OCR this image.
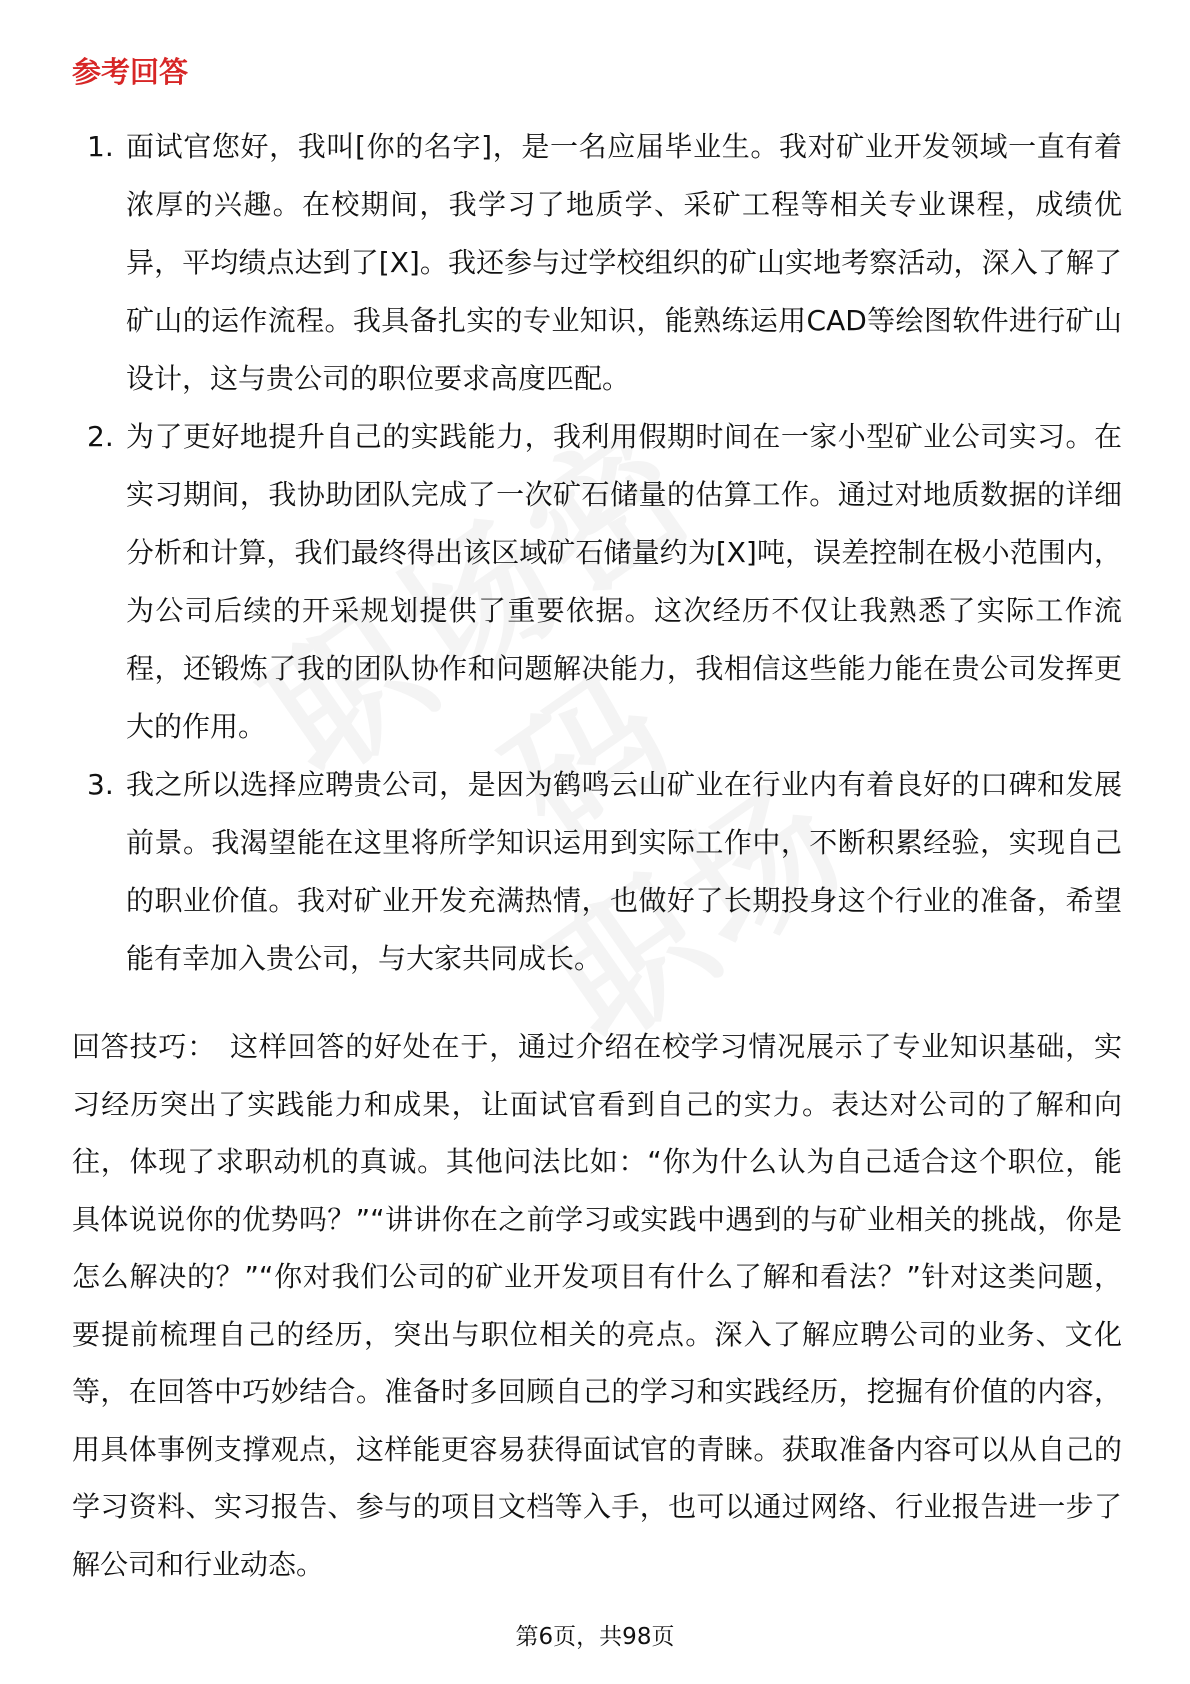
参考回答
1. 面试官您好，我叫[你的名字]，是一名应届毕业生。我对矿业开发领域一直有着浓厚的兴趣。在校期间，我学习了地质学、采矿工程等相关专业课程，成绩优异，平均绩点达到了[X]。我还参与过学校组织的矿山实地考察活动，深入了解了矿山的运作流程。我具备扎实的专业知识，能熟练运用CAD等绘图软件进行矿山设计，这与贵公司的职位要求高度匹配。
2. 为了更好地提升自己的实践能力，我利用假期时间在一家小型矿业公司实习。在实习期间，我协助团队完成了一次矿石储量的估算工作。通过对地质数据的详细分析和计算，我们最终得出该区域矿石储量约为[X]吨，误差控制在极小范围内，为公司后续的开采规划提供了重要依据。这次经历不仅让我熟悉了实际工作流程，还锻炼了我的团队协作和问题解决能力，我相信这些能力能在贵公司发挥更大的作用。
3. 我之所以选择应聘贵公司，是因为鹤鸣云山矿业在行业内有着良好的口碑和发展前景。我渴望能在这里将所学知识运用到实际工作中，不断积累经验，实现自己的职业价值。我对矿业开发充满热情，也做好了长期投身这个行业的准备，希望能有幸加入贵公司，与大家共同成长。
回答技巧： 这样回答的好处在于，通过介绍在校学习情况展示了专业知识基础，实习经历突出了实践能力和成果，让面试官看到自己的实力。表达对公司的了解和向往，体现了求职动机的真诚。其他问法比如：“你为什么认为自己适合这个职位，能具体说说你的优势吗？”“讲讲你在之前学习或实践中遇到的与矿业相关的挑战，你是怎么解决的？”“你对我们公司的矿业开发项目有什么了解和看法？”针对这类问题，要提前梳理自己的经历，突出与职位相关的亮点。深入了解应聘公司的业务、文化等，在回答中巧妙结合。准备时多回顾自己的学习和实践经历，挖掘有价值的内容，用具体事例支撑观点，这样能更容易获得面试官的青睐。获取准备内容可以从自己的学习资料、实习报告、参与的项目文档等入手，也可以通过网络、行业报告进一步了解公司和行业动态。
第6页，共98页
